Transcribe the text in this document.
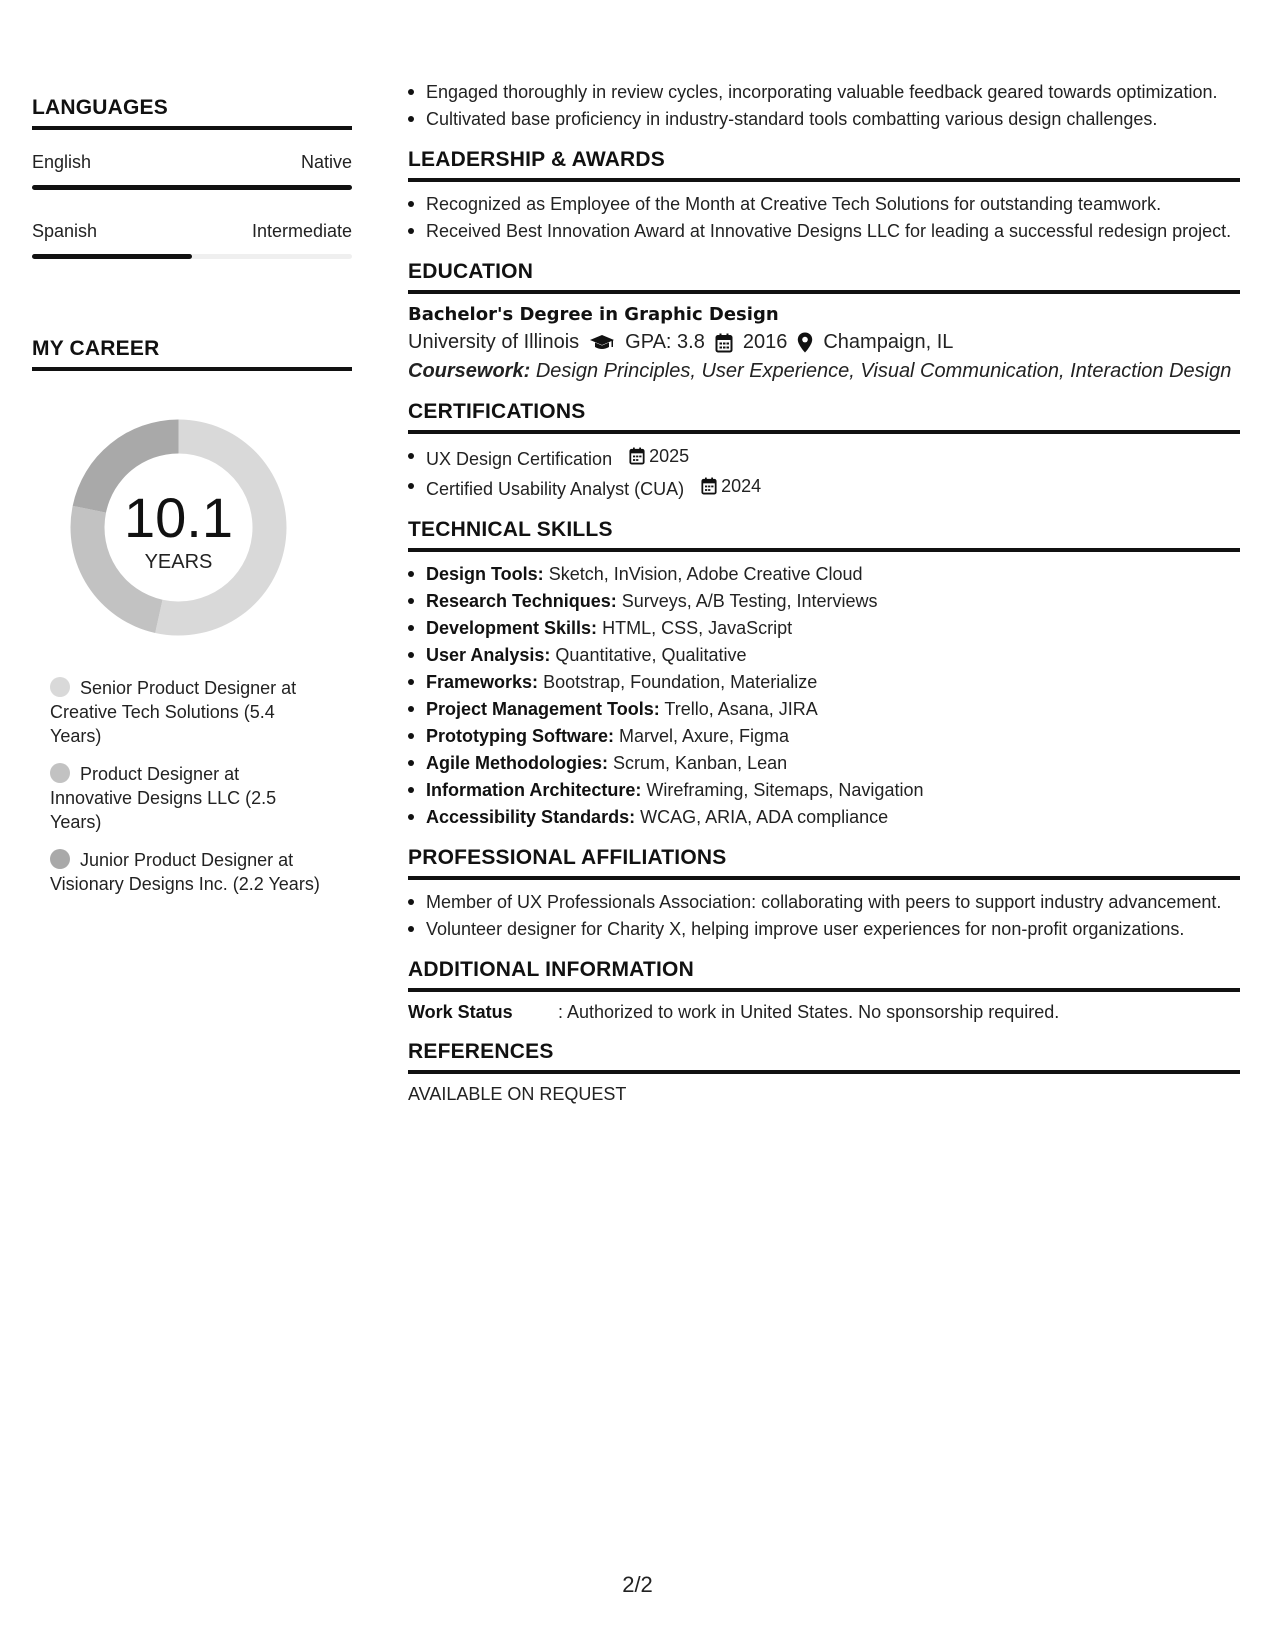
LANGUAGES
English	Native
Spanish	Intermediate
MY CAREER
10.1
YEARS
Senior Product Designer at Creative Tech Solutions (5.4 Years)
Product Designer at Innovative Designs LLC (2.5 Years)
Junior Product Designer at Visionary Designs Inc. (2.2 Years)
Engaged thoroughly in review cycles, incorporating valuable feedback geared towards optimization.
Cultivated base proficiency in industry-standard tools combatting various design challenges.
LEADERSHIP & AWARDS
Recognized as Employee of the Month at Creative Tech Solutions for outstanding teamwork.
Received Best Innovation Award at Innovative Designs LLC for leading a successful redesign project.
EDUCATION
Bachelor's Degree in Graphic Design
University of Illinois GPA: 3.8 2016 Champaign, IL
Coursework: Design Principles, User Experience, Visual Communication, Interaction Design
CERTIFICATIONS
UX Design Certification 2025
Certified Usability Analyst (CUA) 2024
TECHNICAL SKILLS
Design Tools: Sketch, InVision, Adobe Creative Cloud
Research Techniques: Surveys, A/B Testing, Interviews
Development Skills: HTML, CSS, JavaScript
User Analysis: Quantitative, Qualitative
Frameworks: Bootstrap, Foundation, Materialize
Project Management Tools: Trello, Asana, JIRA
Prototyping Software: Marvel, Axure, Figma
Agile Methodologies: Scrum, Kanban, Lean
Information Architecture: Wireframing, Sitemaps, Navigation
Accessibility Standards: WCAG, ARIA, ADA compliance
PROFESSIONAL AFFILIATIONS
Member of UX Professionals Association: collaborating with peers to support industry advancement.
Volunteer designer for Charity X, helping improve user experiences for non-profit organizations.
ADDITIONAL INFORMATION
Work Status	: Authorized to work in United States. No sponsorship required.
REFERENCES
AVAILABLE ON REQUEST
2/2
